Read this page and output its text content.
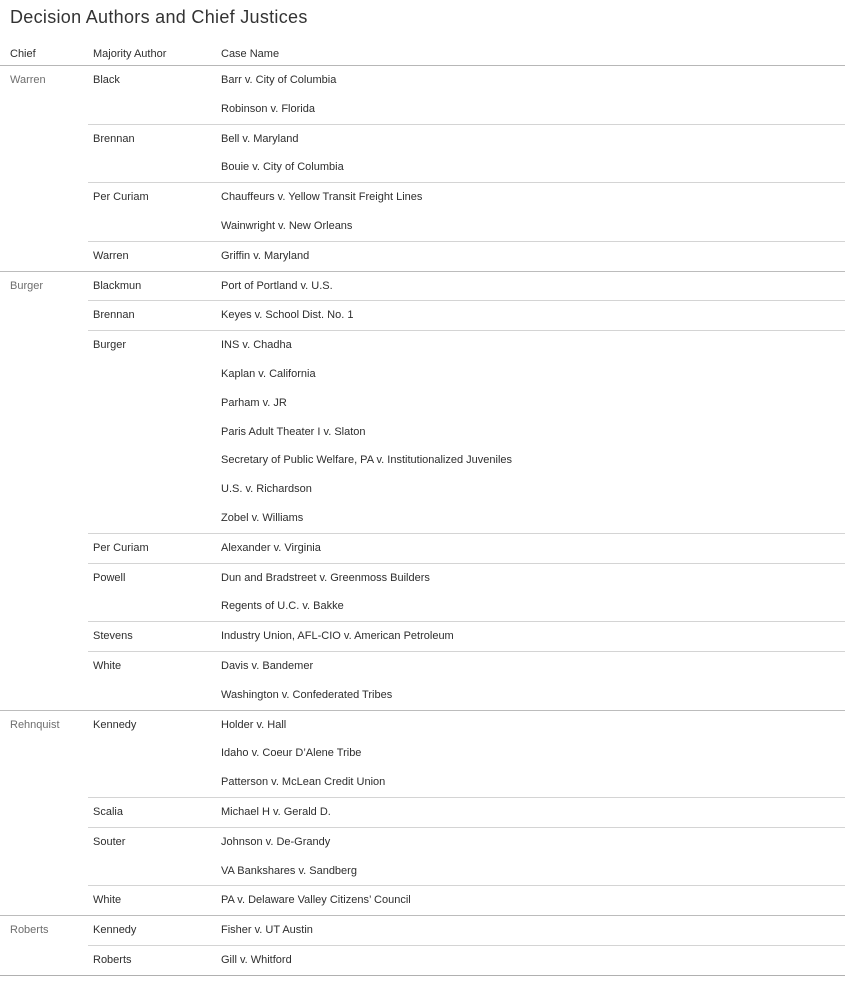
Decision Authors and Chief Justices
Chief	Majority Author	Case Name
Warren	Black	Barr v. City of Columbia
Robinson v. Florida
Brennan	Bell v. Maryland
Bouie v. City of Columbia
Per Curiam	Chauffeurs v. Yellow Transit Freight Lines
Wainwright v. New Orleans
Warren	Griffin v. Maryland
Burger	Blackmun	Port of Portland v. U.S.
Brennan	Keyes v. School Dist. No. 1
Burger	INS v. Chadha
Kaplan v. California
Parham v. JR
Paris Adult Theater I v. Slaton
Secretary of Public Welfare, PA v. Institutionalized Juveniles
U.S. v. Richardson
Zobel v. Williams
Per Curiam	Alexander v. Virginia
Powell	Dun and Bradstreet v. Greenmoss Builders
Regents of U.C. v. Bakke
Stevens	Industry Union, AFL-CIO v. American Petroleum
White	Davis v. Bandemer
Washington v. Confederated Tribes
Rehnquist	Kennedy	Holder v. Hall
Idaho v. Coeur D’Alene Tribe
Patterson v. McLean Credit Union
Scalia	Michael H v. Gerald D.
Souter	Johnson v. De-Grandy
VA Bankshares v. Sandberg
White	PA v. Delaware Valley Citizens’ Council
Roberts	Kennedy	Fisher v. UT Austin
Roberts	Gill v. Whitford
